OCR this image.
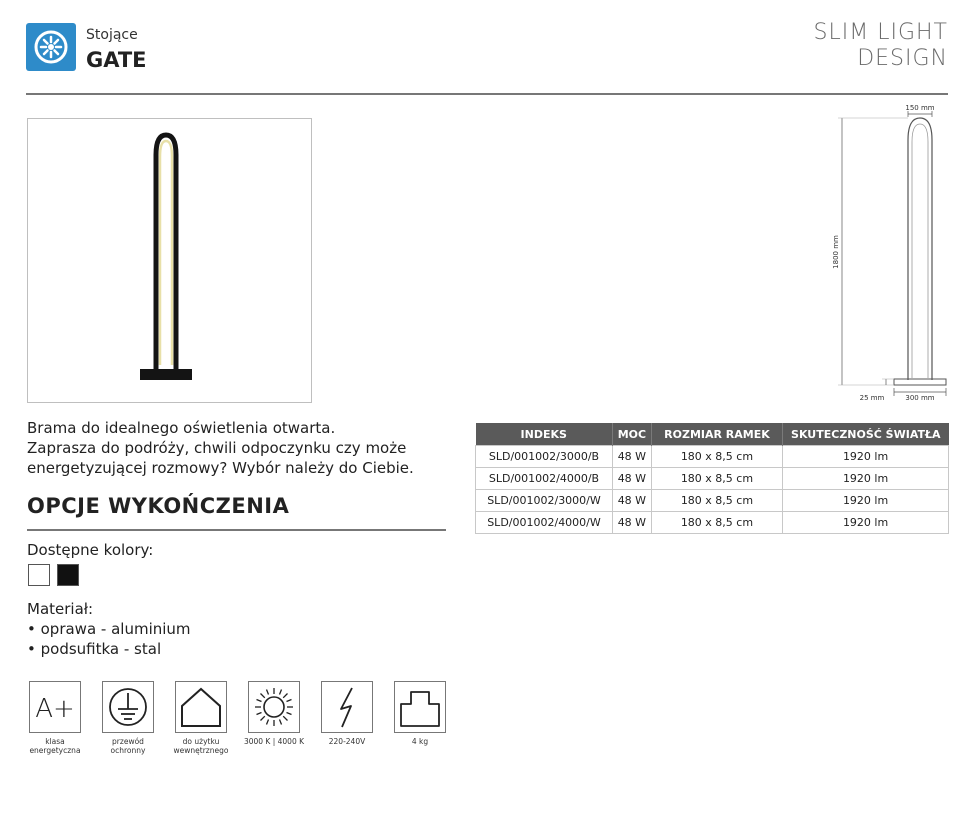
Stojące
GATE
SLIM LIGHT
DESIGN
150 mm
1800 mm
25 mm	300 mm
Brama do idealnego oświetlenia otwarta.
Zaprasza do podróży, chwili odpoczynku czy może
energetyzującej rozmowy? Wybór należy do Ciebie.
OPCJE WYKOŃCZENIA
Dostępne kolory:
Materiał:
• oprawa - aluminium
• podsufitka - stal
INDEKS	MOC	ROZMIAR RAMEK	SKUTECZNOŚĆ ŚWIATŁA
SLD/001002/3000/B	48 W	180 x 8,5 cm	1920 lm
SLD/001002/4000/B	48 W	180 x 8,5 cm	1920 lm
SLD/001002/3000/W	48 W	180 x 8,5 cm	1920 lm
SLD/001002/4000/W	48 W	180 x 8,5 cm	1920 lm
A+
klasa
energetyczna
przewód
ochronny
do użytku
wewnętrznego
3000 K | 4000 K	220-240V	4 kg
